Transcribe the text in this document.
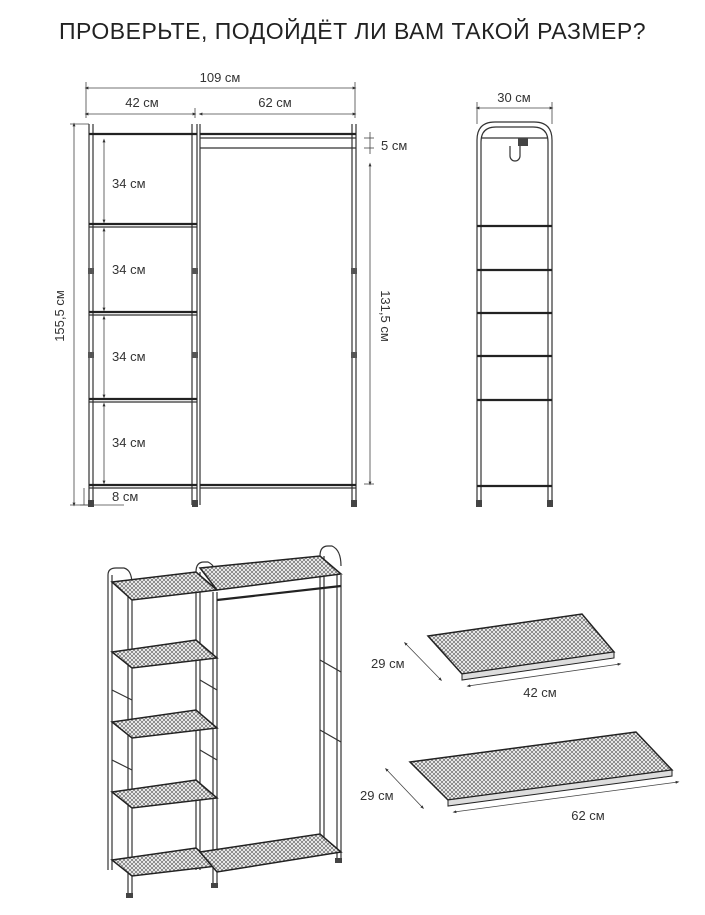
ПРОВЕРЬТЕ, ПОДОЙДЁТ ЛИ ВАМ ТАКОЙ РАЗМЕР?
109 см
42 см	62 см
34 см
34 см
34 см
34 см
155,5 см
5 см
131,5 см
8 см
30 см
29 см
42 см
29 см
62 см
